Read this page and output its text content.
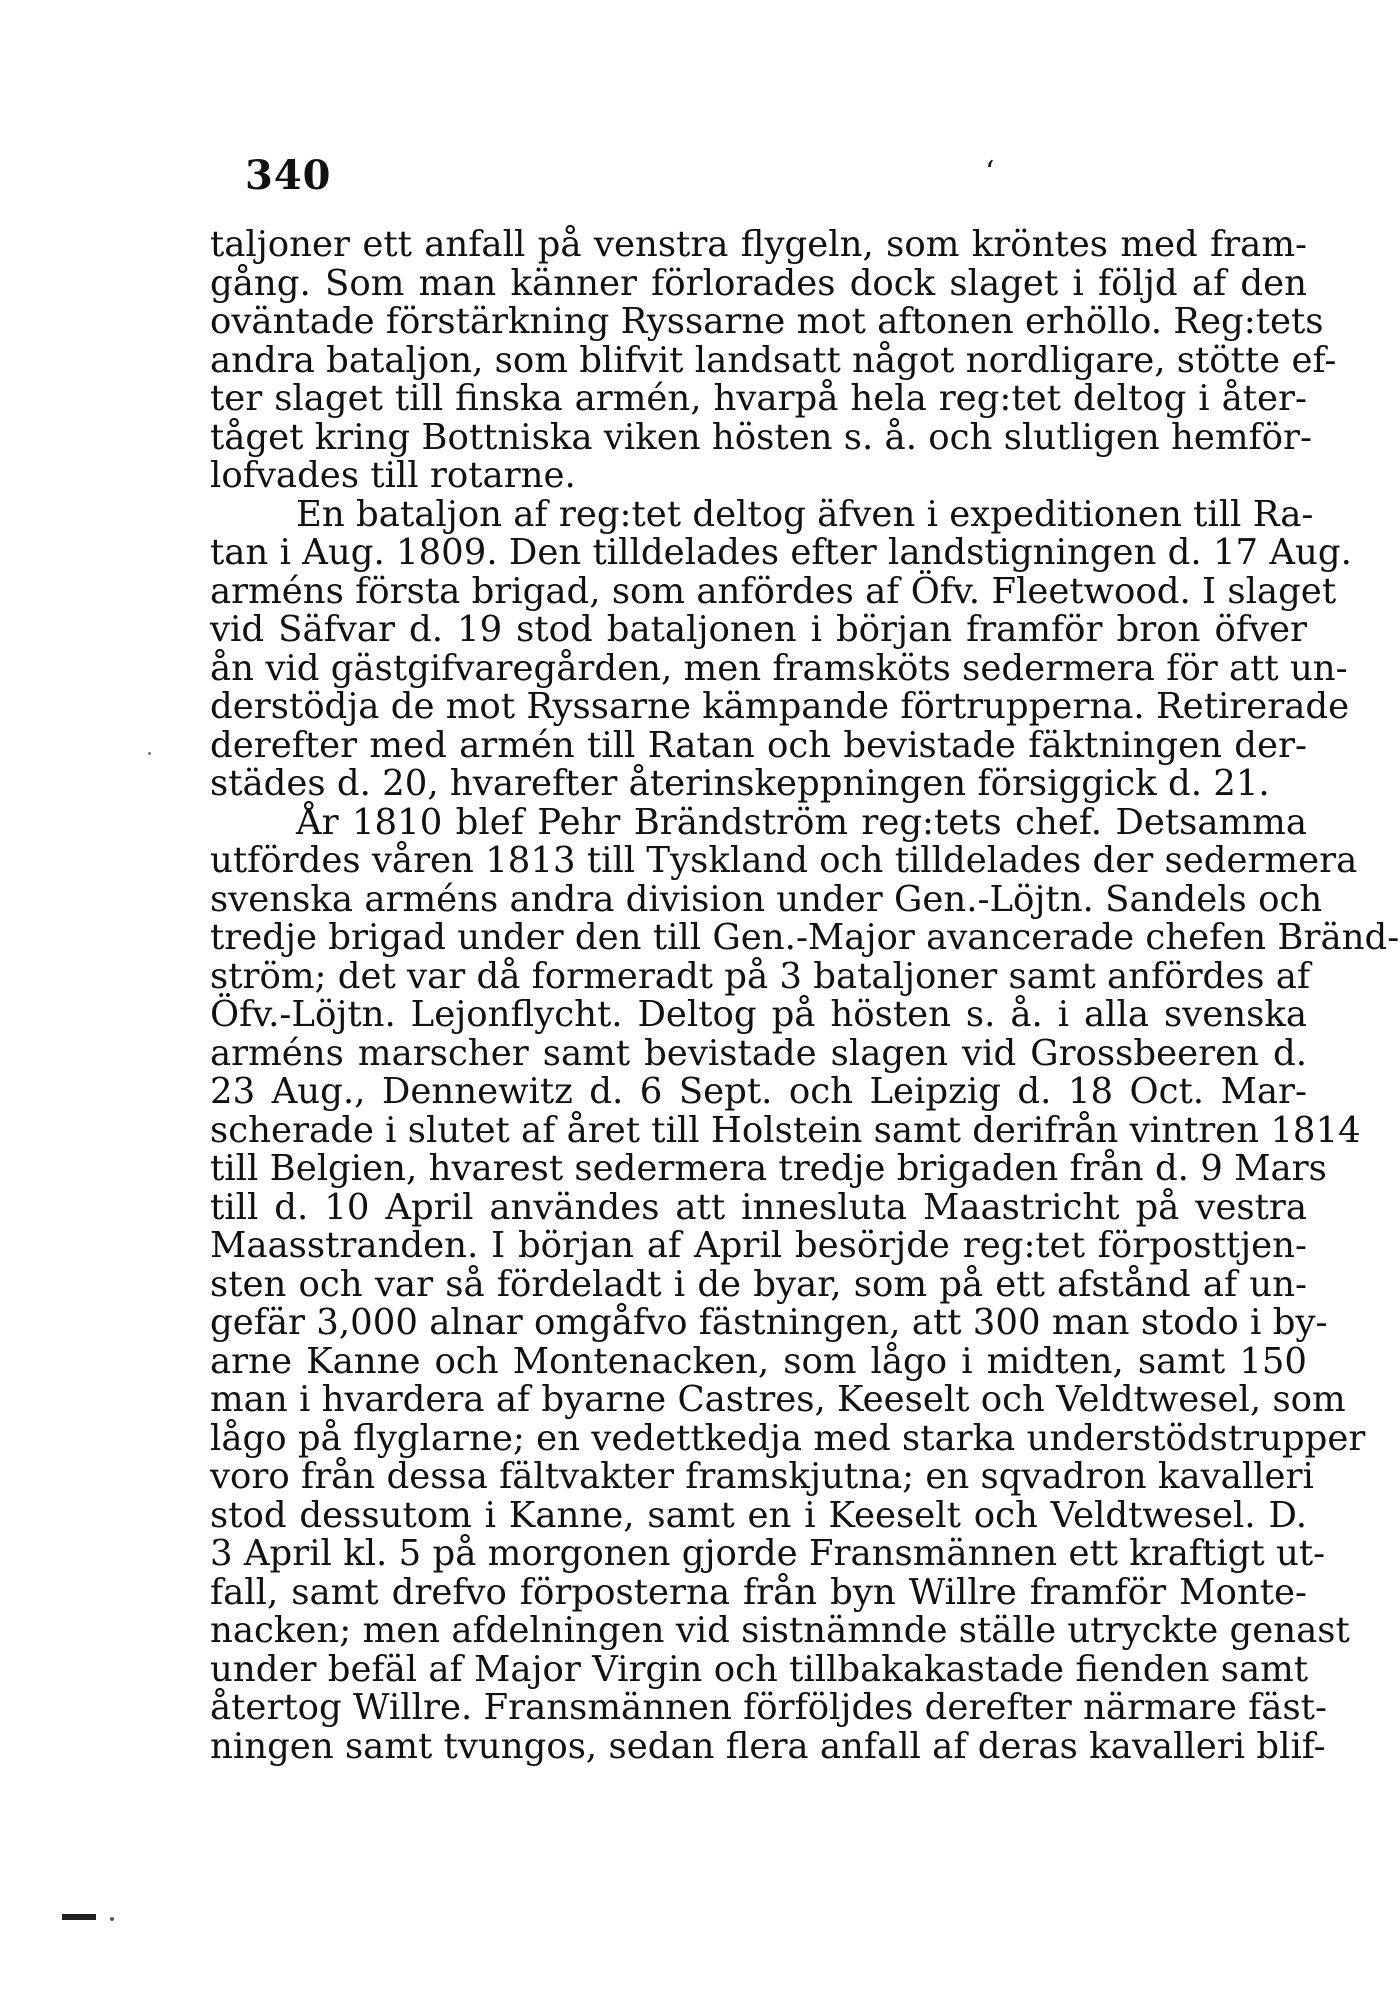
340	‘
taljoner ett anfall på venstra flygeln, som kröntes med fram-
gång. Som man känner förlorades dock slaget i följd af den
oväntade förstärkning Ryssarne mot aftonen erhöllo. Reg:tets
andra bataljon, som blifvit landsatt något nordligare, stötte ef-
ter slaget till finska armén, hvarpå hela reg:tet deltog i åter-
tåget kring Bottniska viken hösten s. å. och slutligen hemför-
lofvades till rotarne.
En bataljon af reg:tet deltog äfven i expeditionen till Ra-
tan i Aug. 1809. Den tilldelades efter landstigningen d. 17 Aug.
arméns första brigad, som anfördes af Öfv. Fleetwood. I slaget
vid Säfvar d. 19 stod bataljonen i början framför bron öfver
ån vid gästgifvaregården, men framsköts sedermera för att un-
derstödja de mot Ryssarne kämpande förtrupperna. Retirerade
derefter med armén till Ratan och bevistade fäktningen der-
städes d. 20, hvarefter återinskeppningen försiggick d. 21.
År 1810 blef Pehr Brändström reg:tets chef. Detsamma
utfördes våren 1813 till Tyskland och tilldelades der sedermera
svenska arméns andra division under Gen.-Löjtn. Sandels och
tredje brigad under den till Gen.-Major avancerade chefen Bränd-
ström; det var då formeradt på 3 bataljoner samt anfördes af
Öfv.-Löjtn. Lejonflycht. Deltog på hösten s. å. i alla svenska
arméns marscher samt bevistade slagen vid Grossbeeren d.
23 Aug., Dennewitz d. 6 Sept. och Leipzig d. 18 Oct. Mar-
scherade i slutet af året till Holstein samt derifrån vintren 1814
till Belgien, hvarest sedermera tredje brigaden från d. 9 Mars
till d. 10 April användes att innesluta Maastricht på vestra
Maasstranden. I början af April besörjde reg:tet förposttjen-
sten och var så fördeladt i de byar, som på ett afstånd af un-
gefär 3,000 alnar omgåfvo fästningen, att 300 man stodo i by-
arne Kanne och Montenacken, som lågo i midten, samt 150
man i hvardera af byarne Castres, Keeselt och Veldtwesel, som
lågo på flyglarne; en vedettkedja med starka understödstrupper
voro från dessa fältvakter framskjutna; en sqvadron kavalleri
stod dessutom i Kanne, samt en i Keeselt och Veldtwesel. D.
3 April kl. 5 på morgonen gjorde Fransmännen ett kraftigt ut-
fall, samt drefvo förposterna från byn Willre framför Monte-
nacken; men afdelningen vid sistnämnde ställe utryckte genast
under befäl af Major Virgin och tillbakakastade fienden samt
återtog Willre. Fransmännen förföljdes derefter närmare fäst-
ningen samt tvungos, sedan flera anfall af deras kavalleri blif-
